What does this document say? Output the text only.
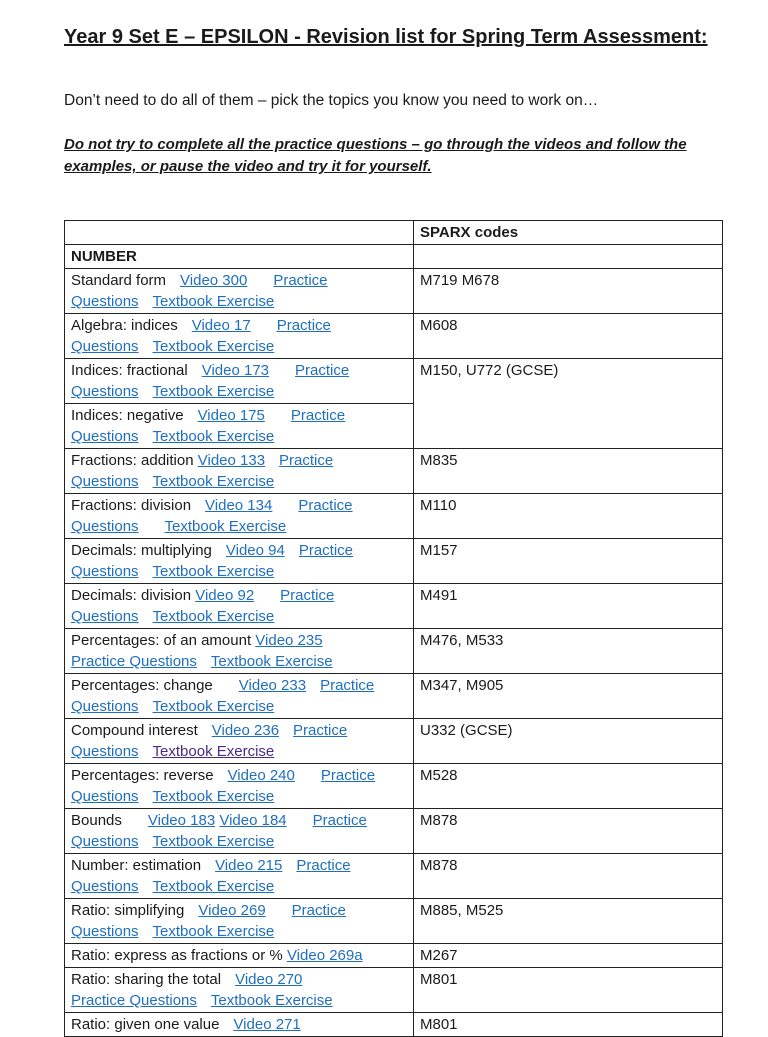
Year 9 Set E – EPSILON - Revision list for Spring Term Assessment:

Don’t need to do all of them – pick the topics you know you need to work on…

Do not try to complete all the practice questions – go through the videos and follow the examples, or pause the video and try it for yourself.

	SPARX codes
NUMBER	

Standard form Video 300 Practice
Questions Textbook Exercise	M719 M678

Algebra: indices Video 17 Practice
Questions Textbook Exercise	M608

Indices: fractional Video 173 Practice
Questions Textbook Exercise	M150, U772 (GCSE)

Indices: negative Video 175 Practice
Questions Textbook Exercise	

Fractions: addition Video 133 Practice
Questions Textbook Exercise	M835

Fractions: division Video 134 Practice
Questions Textbook Exercise	M110

Decimals: multiplying Video 94 Practice
Questions Textbook Exercise	M157

Decimals: division Video 92 Practice
Questions Textbook Exercise	M491

Percentages: of an amount Video 235
Practice Questions Textbook Exercise	M476, M533

Percentages: change Video 233 Practice
Questions Textbook Exercise	M347, M905

Compound interest Video 236 Practice
Questions Textbook Exercise	U332 (GCSE)

Percentages: reverse Video 240 Practice
Questions Textbook Exercise	M528

Bounds Video 183 Video 184 Practice
Questions Textbook Exercise	M878

Number: estimation Video 215 Practice
Questions Textbook Exercise	M878

Ratio: simplifying Video 269 Practice
Questions Textbook Exercise	M885, M525

Ratio: express as fractions or % Video 269a	M267

Ratio: sharing the total Video 270
Practice Questions Textbook Exercise	M801

Ratio: given one value Video 271	M801
